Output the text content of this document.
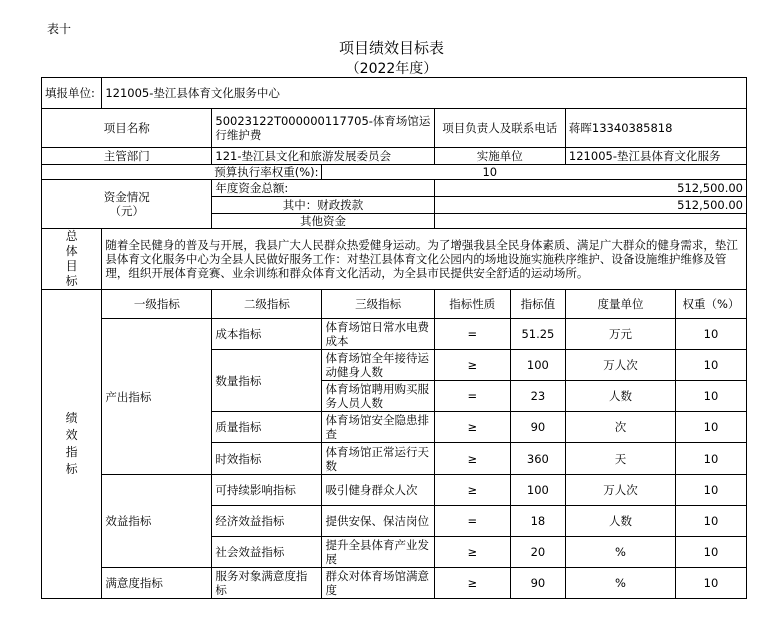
表十
项目绩效目标表
（2022年度）
填报单位:	121005-垫江县体育文化服务中心						
项目名称		50023122T000000117705-体育场馆运行维护费		项目负责人及联系电话		蒋晖13340385818	
主管部门		121-垫江县文化和旅游发展委员会		实施单位		121005-垫江县体育文化服务	
预算执行率权重(%):			10				
资金情况
（元）		年度资金总额:		512,500.00			
		其中：财政拨款		512,500.00			
		其他资金					
总体目标	随着全民健身的普及与开展，我县广大人民群众热爱健身运动。为了增强我县全民身体素质、满足广大群众的健身需求，垫江县体育文化服务中心为全县人民做好服务工作：对垫江县体育文化公园内的场地设施实施秩序维护、设备设施维护维修及管理，组织开展体育竞赛、业余训练和群众体育文化活动，为全县市民提供安全舒适的运动场所。						
绩效指标	一级指标	二级指标	三级指标	指标性质	指标值	度量单位	权重（%）
	产出指标	成本指标	体育场馆日常水电费成本	=	51.25	万元	10
		数量指标	体育场馆全年接待运动健身人数	≥	100	万人次	10
			体育场馆聘用购买服务人员人数	=	23	人数	10
		质量指标	体育场馆安全隐患排查	≥	90	次	10
		时效指标	体育场馆正常运行天数	≥	360	天	10
	效益指标	可持续影响指标	吸引健身群众人次	≥	100	万人次	10
		经济效益指标	提供安保、保洁岗位	=	18	人数	10
		社会效益指标	提升全县体育产业发展	≥	20	%	10
	满意度指标	服务对象满意度指标	群众对体育场馆满意度	≥	90	%	10
